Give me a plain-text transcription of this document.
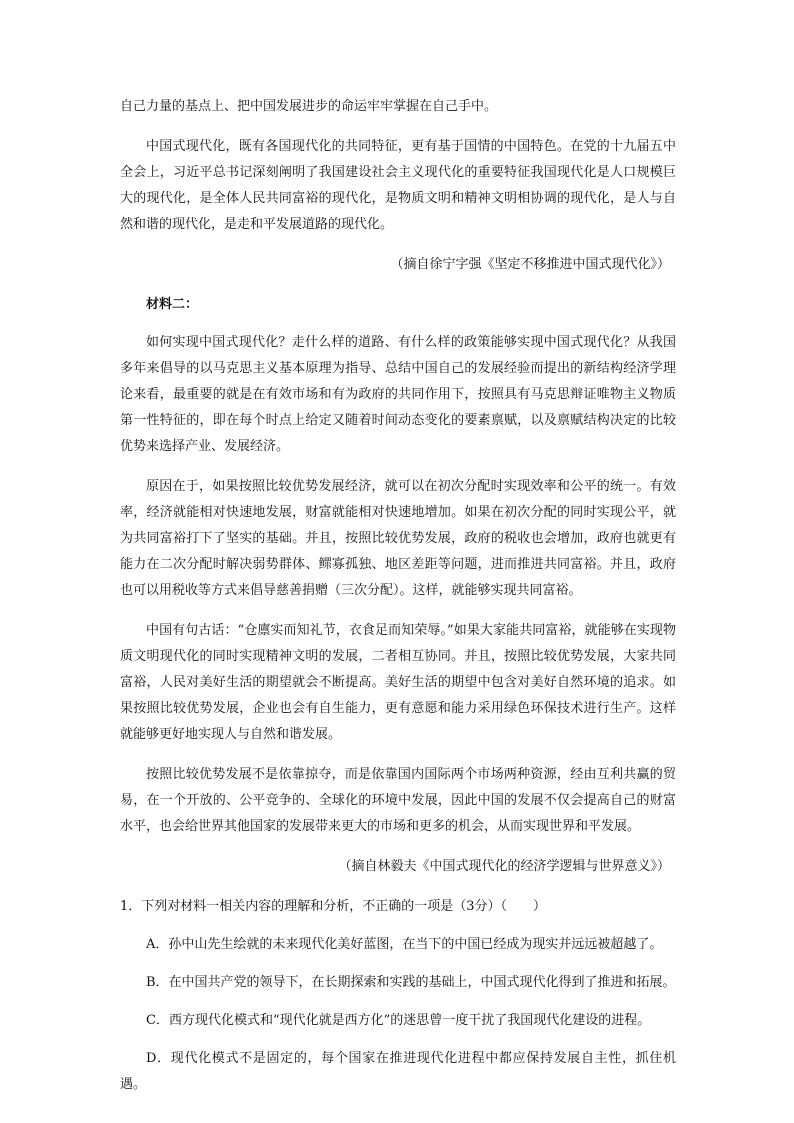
自己力量的基点上、把中国发展进步的命运牢牢掌握在自己手中。

中国式现代化，既有各国现代化的共同特征，更有基于国情的中国特色。在党的十九届五中全会上，习近平总书记深刻阐明了我国建设社会主义现代化的重要特征我国现代化是人口规模巨大的现代化，是全体人民共同富裕的现代化，是物质文明和精神文明相协调的现代化，是人与自然和谐的现代化，是走和平发展道路的现代化。

（摘自徐宁字强《坚定不移推进中国式现代化》）

材料二：

如何实现中国式现代化？走什么样的道路、有什么样的政策能够实现中国式现代化？从我国多年来倡导的以马克思主义基本原理为指导、总结中国自己的发展经验而提出的新结构经济学理论来看，最重要的就是在有效市场和有为政府的共同作用下，按照具有马克思辩证唯物主义物质第一性特征的，即在每个时点上给定又随着时间动态变化的要素禀赋，以及禀赋结构决定的比较优势来选择产业、发展经济。

原因在于，如果按照比较优势发展经济，就可以在初次分配时实现效率和公平的统一。有效率，经济就能相对快速地发展，财富就能相对快速地增加。如果在初次分配的同时实现公平，就为共同富裕打下了坚实的基础。并且，按照比较优势发展，政府的税收也会增加，政府也就更有能力在二次分配时解决弱势群体、鳏寡孤独、地区差距等问题，进而推进共同富裕。并且，政府也可以用税收等方式来倡导慈善捐赠（三次分配）。这样，就能够实现共同富裕。

中国有句古话：“仓廪实而知礼节，衣食足而知荣辱。”如果大家能共同富裕，就能够在实现物质文明现代化的同时实现精神文明的发展，二者相互协同。并且，按照比较优势发展，大家共同富裕，人民对美好生活的期望就会不断提高。美好生活的期望中包含对美好自然环境的追求。如果按照比较优势发展，企业也会有自生能力，更有意愿和能力采用绿色环保技术进行生产。这样就能够更好地实现人与自然和谐发展。

按照比较优势发展不是依靠掠夺，而是依靠国内国际两个市场两种资源，经由互利共赢的贸易，在一个开放的、公平竞争的、全球化的环境中发展，因此中国的发展不仅会提高自己的财富水平，也会给世界其他国家的发展带来更大的市场和更多的机会，从而实现世界和平发展。

（摘自林毅夫《中国式现代化的经济学逻辑与世界意义》）

1．下列对材料一相关内容的理解和分析，不正确的一项是（3分）（　　）

A．孙中山先生绘就的未来现代化美好蓝图，在当下的中国已经成为现实并远远被超越了。

B．在中国共产党的领导下，在长期探索和实践的基础上，中国式现代化得到了推进和拓展。

C．西方现代化模式和“现代化就是西方化”的迷思曾一度干扰了我国现代化建设的进程。

D．现代化模式不是固定的，每个国家在推进现代化进程中都应保持发展自主性，抓住机遇。
